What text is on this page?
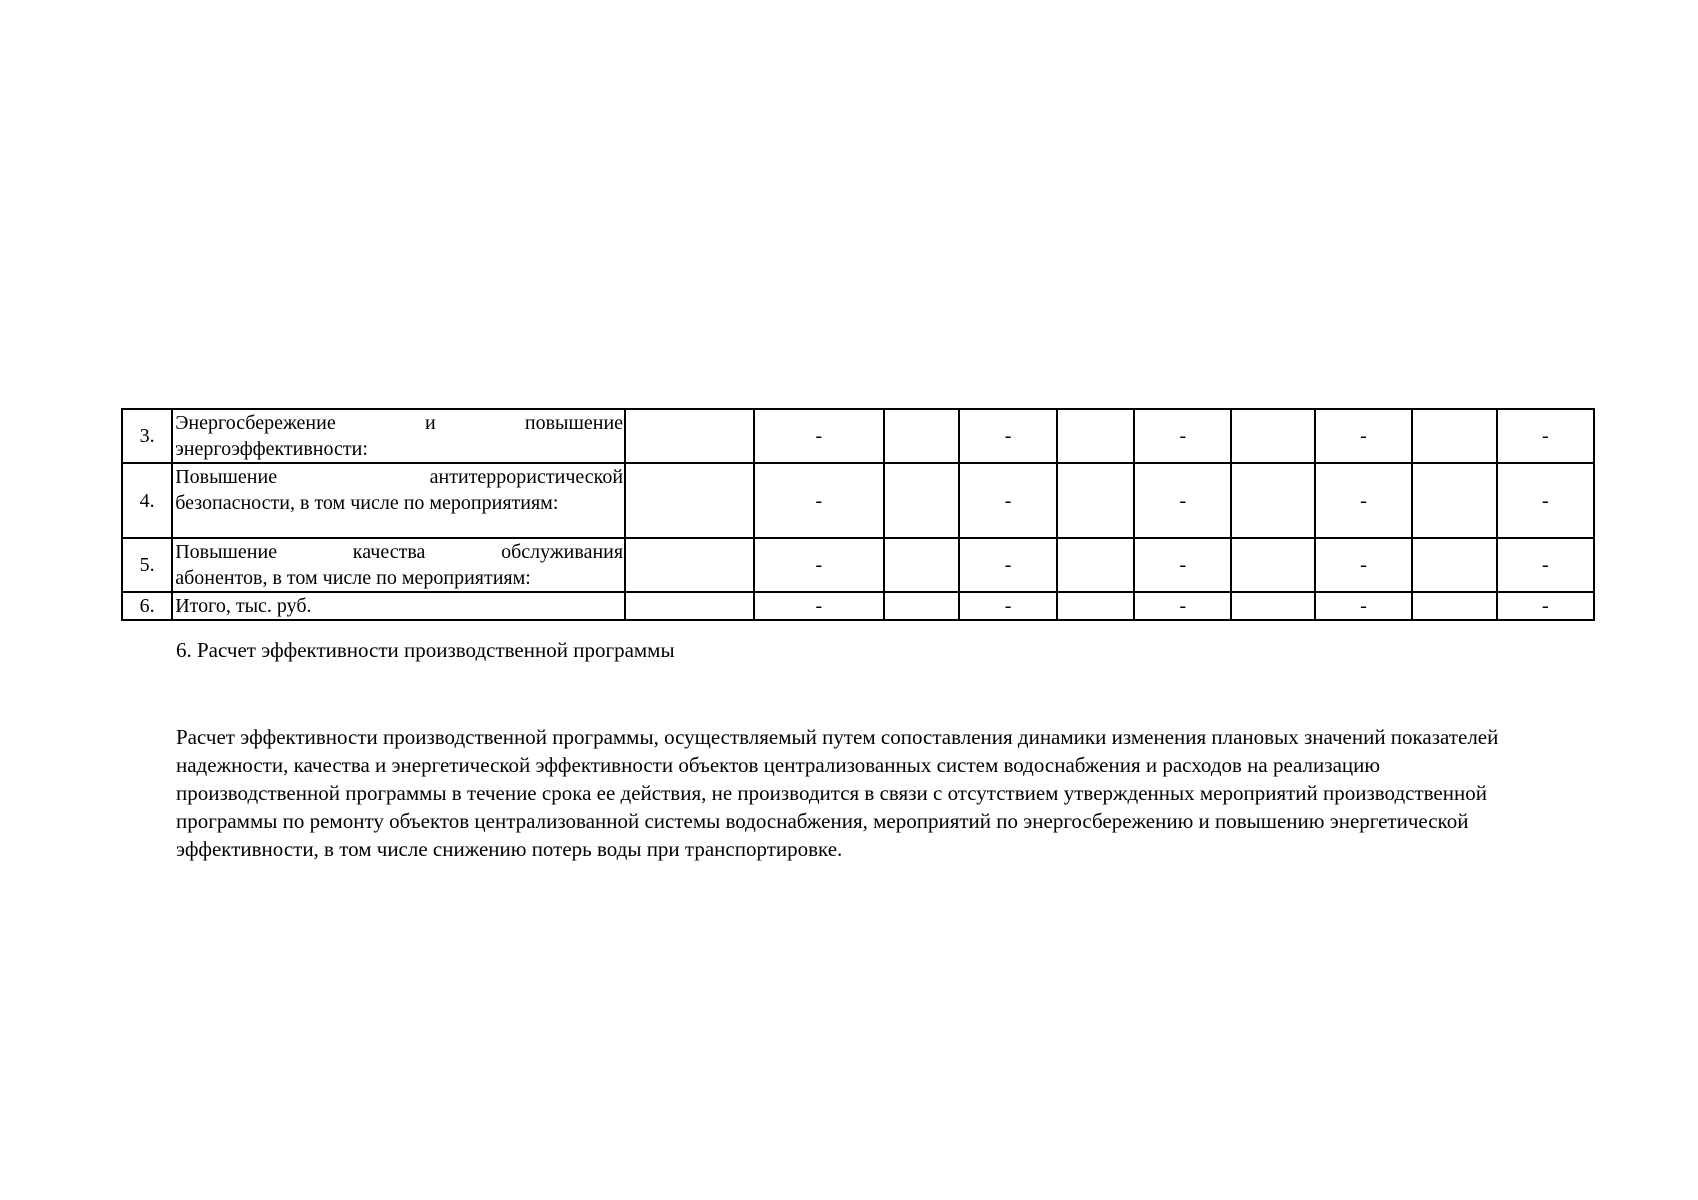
3.	Энергосбережение и повышение
энергоэффективности:		-		-		-		-		-
4.	Повышение антитеррористической
безопасности, в том числе по мероприятиям:		-		-		-		-		-
5.	Повышение качества обслуживания
абонентов, в том числе по мероприятиям:		-		-		-		-		-
6.	Итого, тыс. руб.		-		-		-		-		-
6. Расчет эффективности производственной программы
Расчет эффективности производственной программы, осуществляемый путем сопоставления динамики изменения плановых значений показателей
надежности, качества и энергетической эффективности объектов централизованных систем водоснабжения и расходов на реализацию
производственной программы в течение срока ее действия, не производится в связи с отсутствием утвержденных мероприятий производственной
программы по ремонту объектов централизованной системы водоснабжения, мероприятий по энергосбережению и повышению энергетической
эффективности, в том числе снижению потерь воды при транспортировке.
